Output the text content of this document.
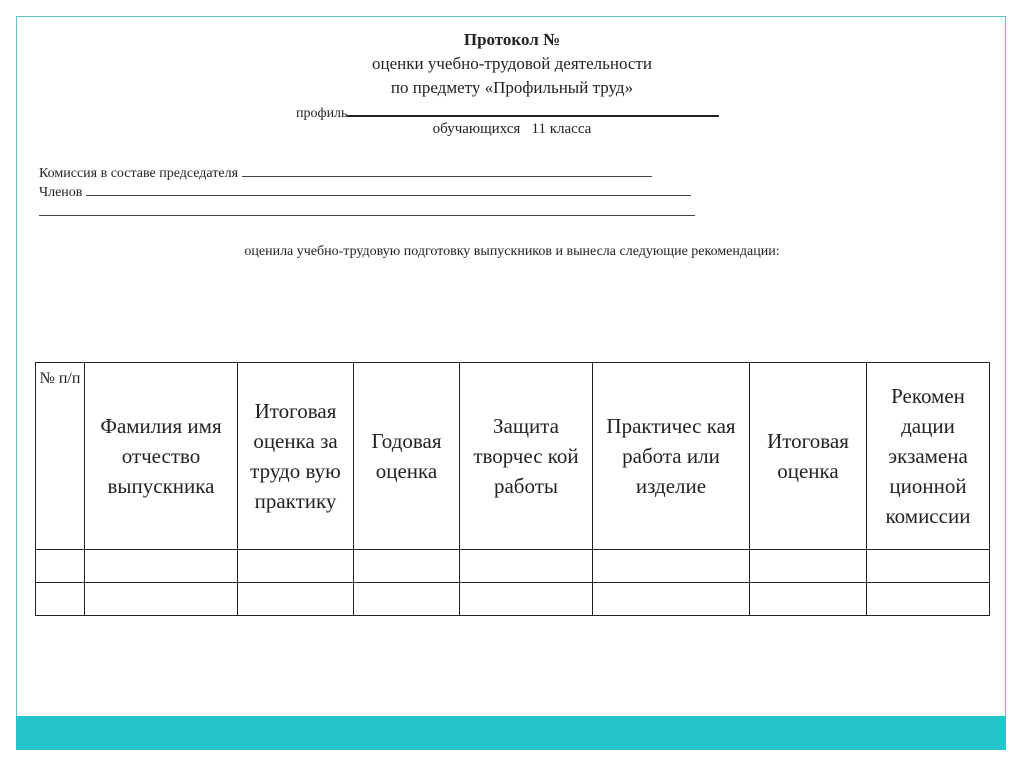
Протокол №
оценки учебно-трудовой деятельности
по предмету «Профильный труд»
профиль
обучающихся   11 класса
Комиссия в составе председателя
Членов
оценила учебно-трудовую подготовку выпускников и вынесла следующие рекомендации:
№ п/п	Фамилия имя отчество выпускника	Итоговая оценка за трудо вую практику	Годовая оценка	Защита творчес кой работы	Практичес кая работа или изделие	Итоговая оценка	Рекомен дации экзамена ционной комиссии
